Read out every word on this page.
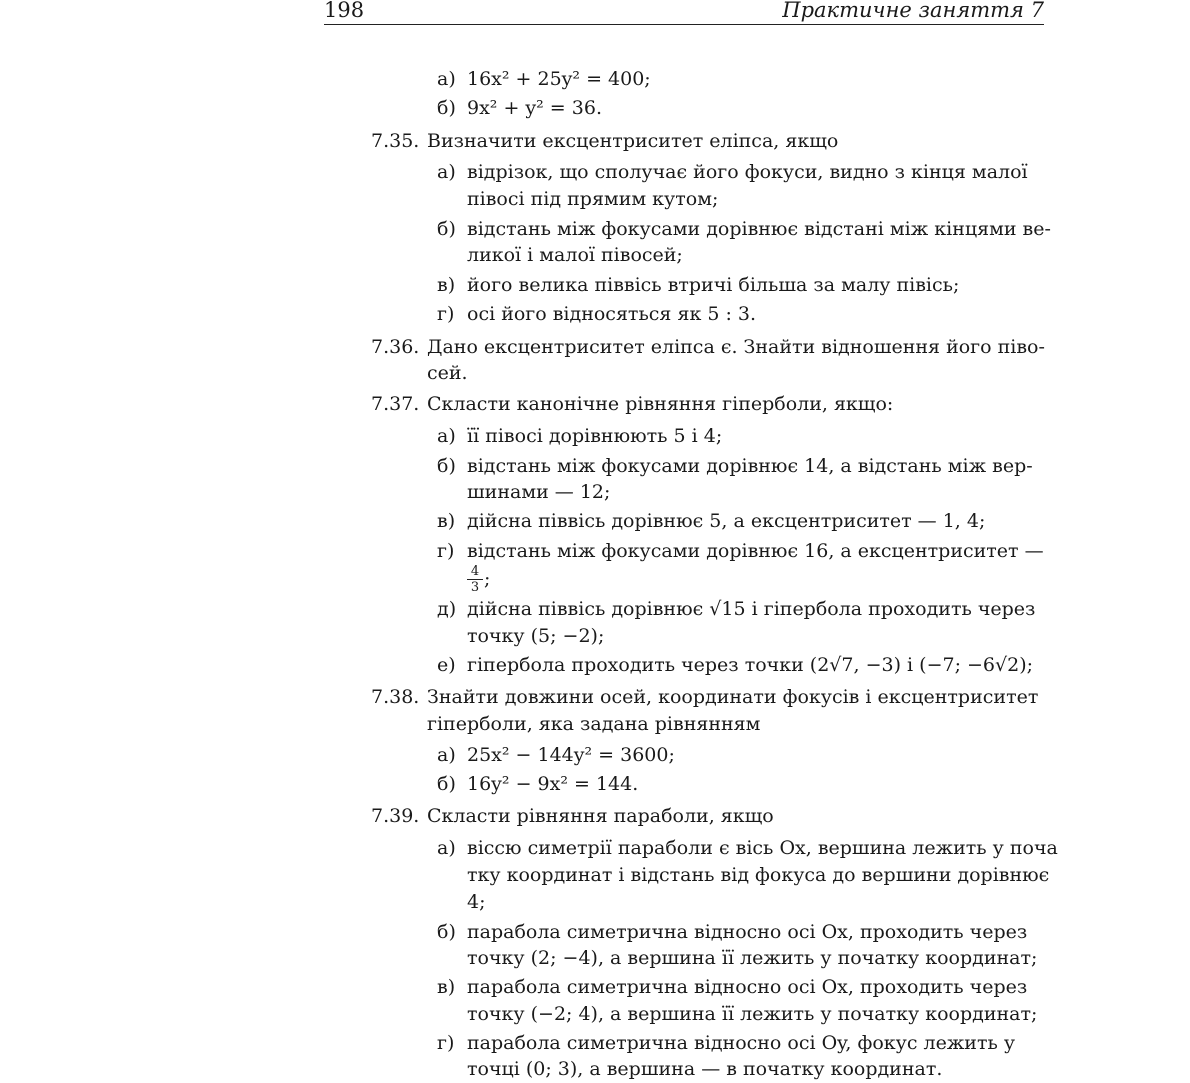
198	Практичне заняття 7
а) 16x² + 25y² = 400;
б) 9x² + y² = 36.
7.35. Визначити ексцентриситет еліпса, якщо
а) відрізок, що сполучає його фокуси, видно з кінця малої
півосі під прямим кутом;
б) відстань між фокусами дорівнює відстані між кінцями ве-
ликої і малої півосей;
в) його велика піввісь втричі більша за малу півісь;
г) осі його відносяться як 5 : 3.
7.36. Дано ексцентриситет еліпса ϵ. Знайти відношення його піво-
сей.
7.37. Скласти канонічне рівняння гіперболи, якщо:
а) її півосі дорівнюють 5 і 4;
б) відстань між фокусами дорівнює 14, а відстань між вер-
шинами — 12;
в) дійсна піввісь дорівнює 5, а ексцентриситет — 1, 4;
г) відстань між фокусами дорівнює 16, а ексцентриситет —
4
3 ;
д) дійсна піввісь дорівнює √15 і гіпербола проходить через
точку (5; −2);
е) гіпербола проходить через точки (2√7, −3) і (−7; −6√2);
7.38. Знайти довжини осей, координати фокусів і ексцентриситет
гіперболи, яка задана рівнянням
а) 25x² − 144y² = 3600;
б) 16y² − 9x² = 144.
7.39. Скласти рівняння параболи, якщо
а) віссю симетрії параболи є вісь Ox, вершина лежить у поча
тку координат і відстань від фокуса до вершини дорівнює
4;
б) парабола симетрична відносно осі Ox, проходить через
точку (2; −4), а вершина її лежить у початку координат;
в) парабола симетрична відносно осі Ox, проходить через
точку (−2; 4), а вершина її лежить у початку координат;
г) парабола симетрична відносно осі Oy, фокус лежить у
точці (0; 3), а вершина — в початку координат.
